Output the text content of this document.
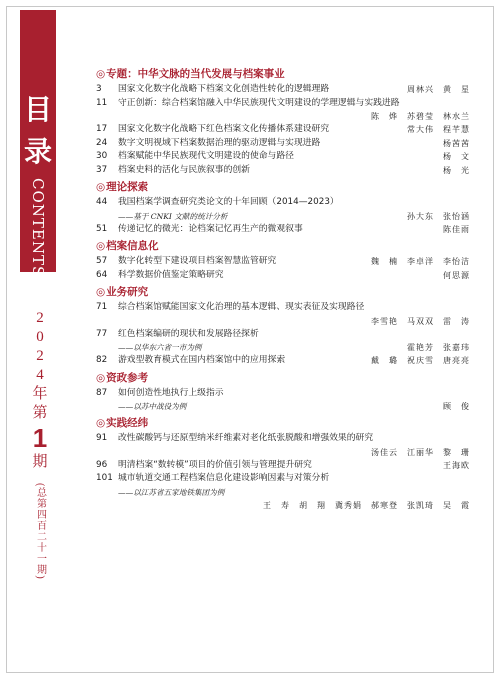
目
录
CONTENTS
2
0
2
4
年
第
1
期
(总第四百二十一期)
◎专题：中华文脉的当代发展与档案事业
3	国家文化数字化战略下档案文化创造性转化的逻辑理路	周林兴　黄　星
11	守正创新：综合档案馆融入中华民族现代文明建设的学理逻辑与实践进路
陈　烨　苏碧莹　林水兰
17	国家文化数字化战略下红色档案文化传播体系建设研究	常大伟　程芊慧
24	数字文明视域下档案数据治理的驱动逻辑与实现进路	杨茜茜
30	档案赋能中华民族现代文明建设的使命与路径	杨　文
37	档案史料的活化与民族叙事的创新	杨　光
◎理论探索
44	我国档案学调查研究类论文的十年回顾（2014—2023）
——基于 CNKI 文献的统计分析	孙大东　张怡涵
51	传递记忆的微光：论档案记忆再生产的微观叙事	陈佳雨
◎档案信息化
57	数字化转型下建设项目档案智慧监管研究	魏　楠　李卓洋　李怡洁
64	科学数据价值鉴定策略研究	何思源
◎业务研究
71	综合档案馆赋能国家文化治理的基本逻辑、现实表征及实现路径
李雪艳　马双双　雷　涛
77	红色档案编研的现状和发展路径探析
——以华东六省一市为例	霍艳芳　张嘉玮
82	游戏型教育模式在国内档案馆中的应用探索	戴　璐　祝庆雪　唐亮亮
◎资政参考
87	如何创造性地执行上级指示
——以苏中战役为例	顾　俊
◎实践经纬
91	改性碳酸钙与还原型纳米纤维素对老化纸张脱酸和增强效果的研究
汤佳云　江丽华　黎　珊
96	明清档案“数转模”项目的价值引领与管理提升研究	王海欧
101 城市轨道交通工程档案信息化建设影响因素与对策分析
——以江苏省五家地铁集团为例
王　寿　胡　翔　冀秀娟　郝寒登　张凯琦　吴　霞
